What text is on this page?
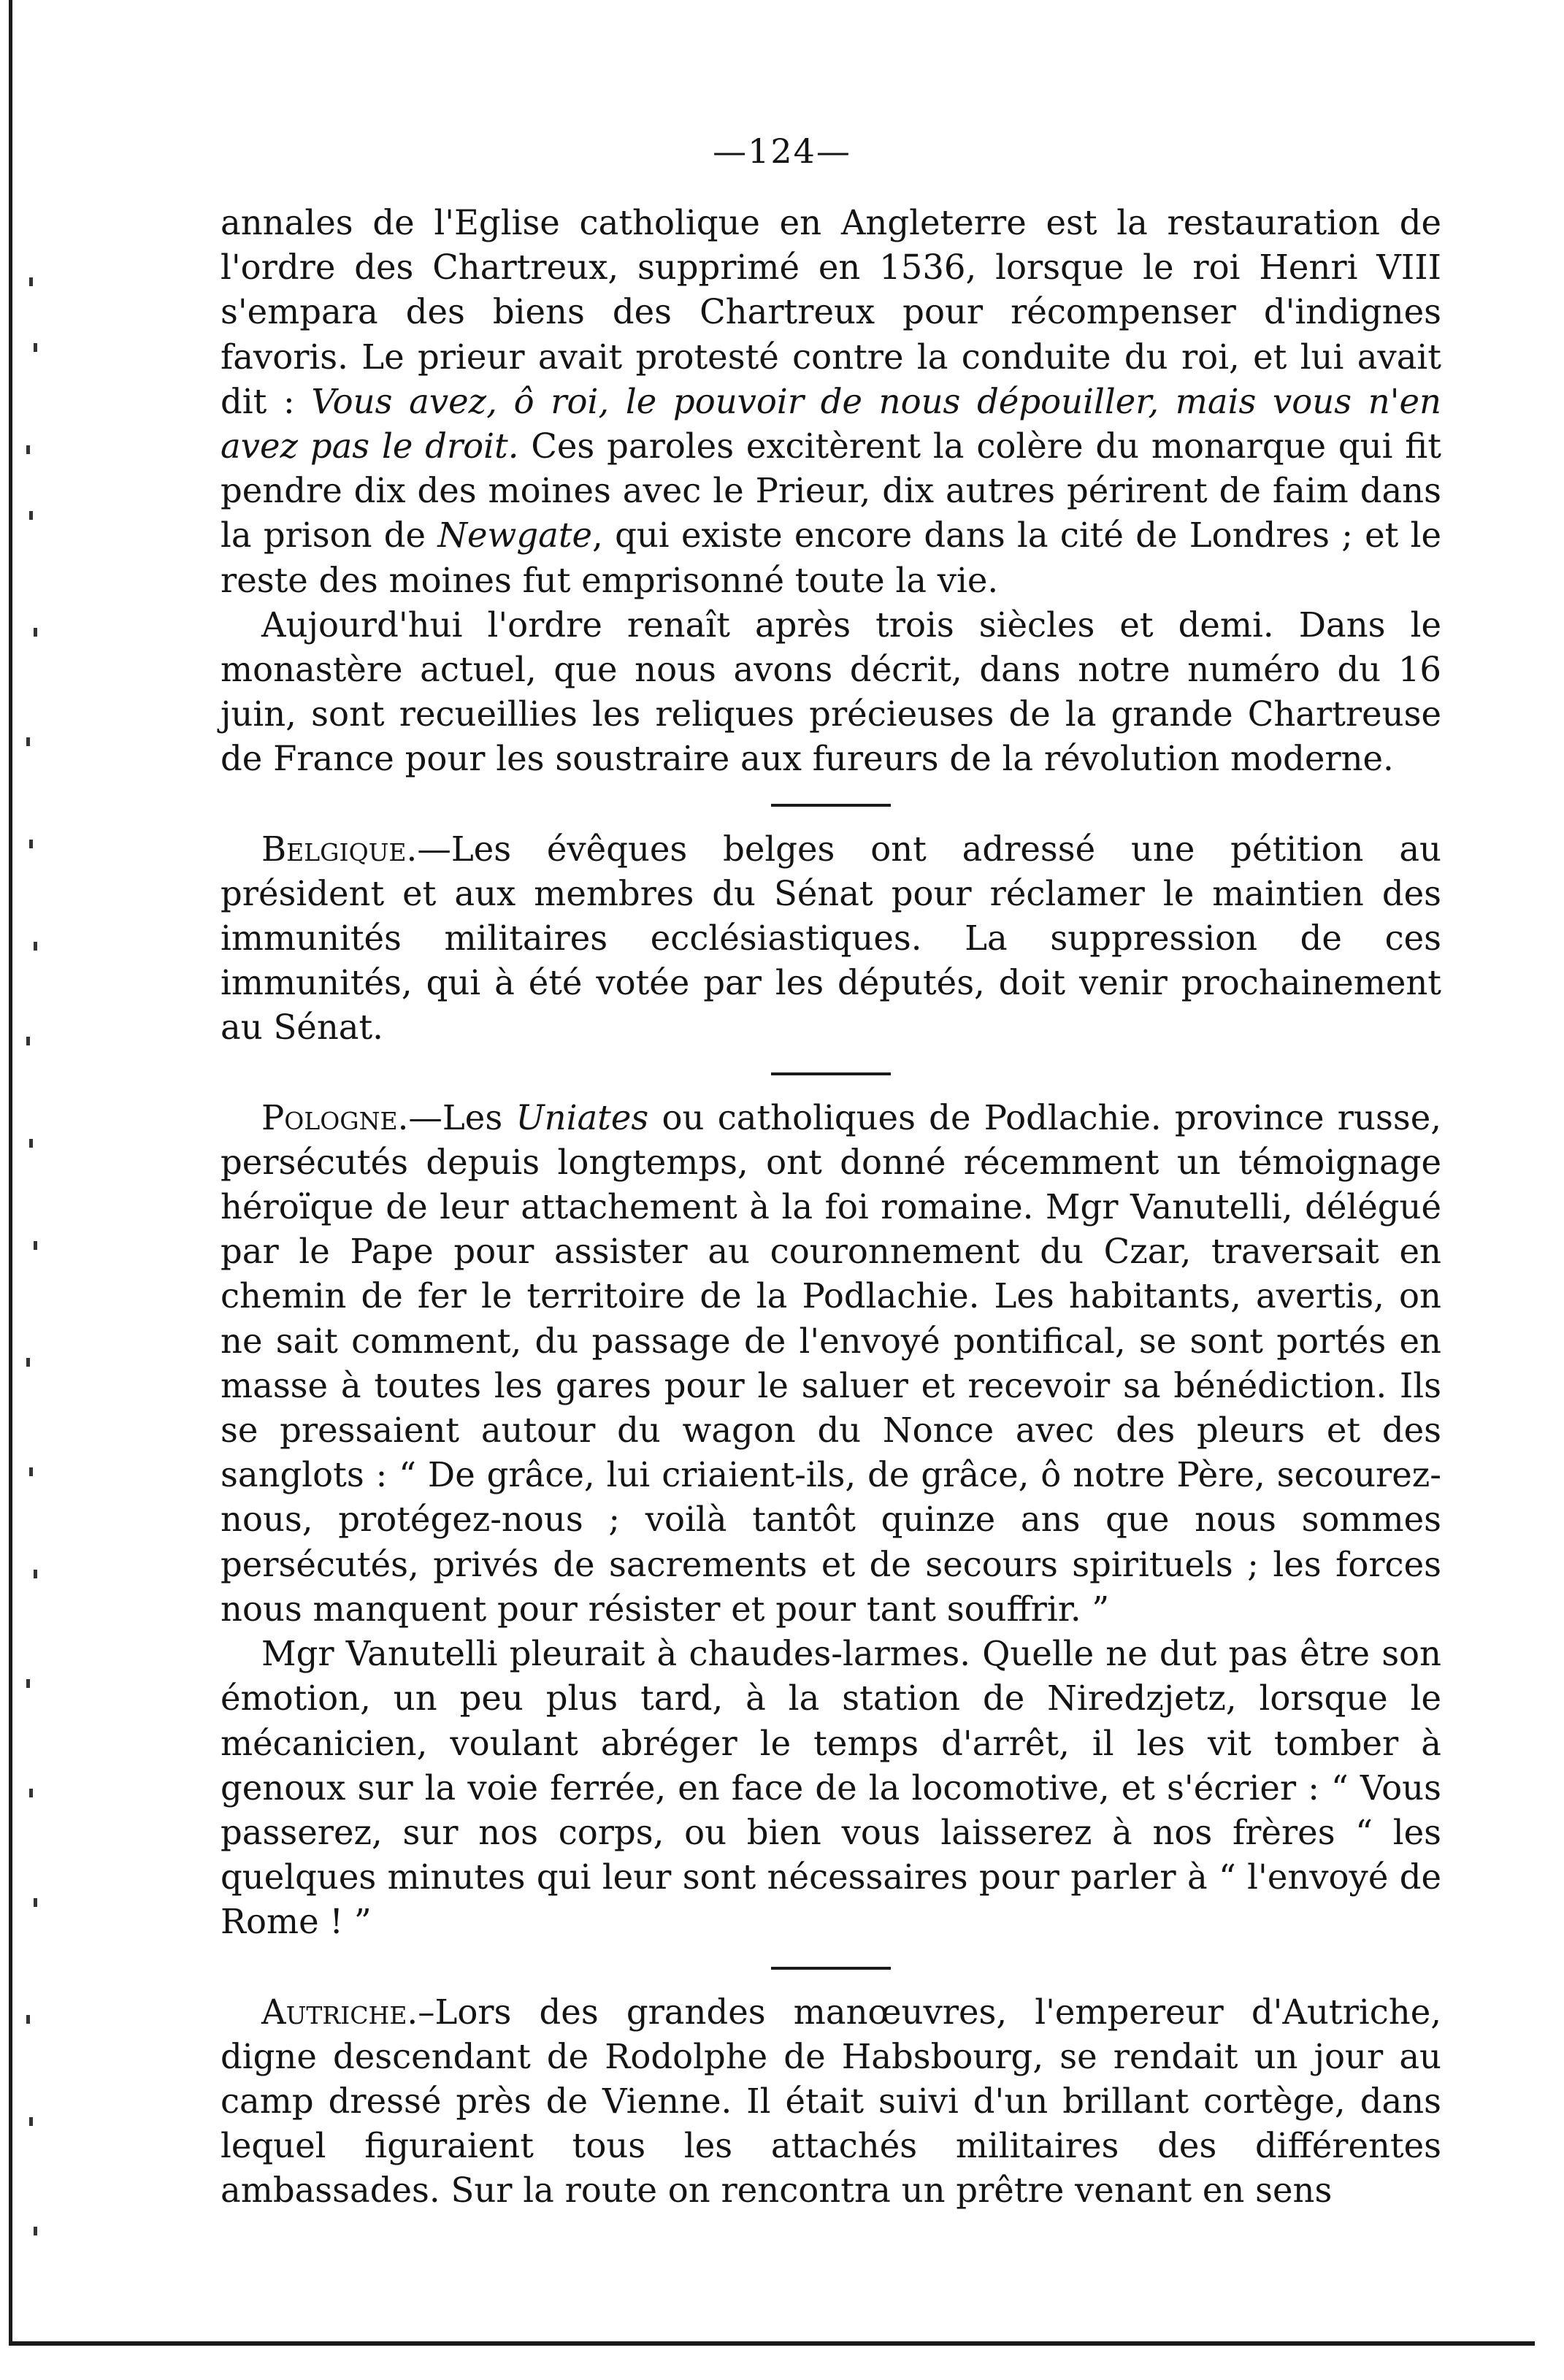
—124—

annales de l'Eglise catholique en Angleterre est la restauration de l'ordre des Chartreux, supprimé en 1536, lorsque le roi Henri VIII s'empara des biens des Chartreux pour récompenser d'indignes favoris. Le prieur avait protesté contre la conduite du roi, et lui avait dit : Vous avez, ô roi, le pouvoir de nous dépouiller, mais vous n'en avez pas le droit. Ces paroles excitèrent la colère du monarque qui fit pendre dix des moines avec le Prieur, dix autres périrent de faim dans la prison de Newgate, qui existe encore dans la cité de Londres ; et le reste des moines fut emprisonné toute la vie.

Aujourd'hui l'ordre renaît après trois siècles et demi. Dans le monastère actuel, que nous avons décrit, dans notre numéro du 16 juin, sont recueillies les reliques précieuses de la grande Chartreuse de France pour les soustraire aux fureurs de la révolution moderne.

Belgique.—Les évêques belges ont adressé une pétition au président et aux membres du Sénat pour réclamer le maintien des immunités militaires ecclésiastiques. La suppression de ces immunités, qui à été votée par les députés, doit venir prochainement au Sénat.

Pologne.—Les Uniates ou catholiques de Podlachie. province russe, persécutés depuis longtemps, ont donné récemment un témoignage héroïque de leur attachement à la foi romaine. Mgr Vanutelli, délégué par le Pape pour assister au couronnement du Czar, traversait en chemin de fer le territoire de la Podlachie. Les habitants, avertis, on ne sait comment, du passage de l'envoyé pontifical, se sont portés en masse à toutes les gares pour le saluer et recevoir sa bénédiction. Ils se pressaient autour du wagon du Nonce avec des pleurs et des sanglots : “ De grâce, lui criaient-ils, de grâce, ô notre Père, secourez-nous, protégez-nous ; voilà tantôt quinze ans que nous sommes persécutés, privés de sacrements et de secours spirituels ; les forces nous manquent pour résister et pour tant souffrir. ”

Mgr Vanutelli pleurait à chaudes-larmes. Quelle ne dut pas être son émotion, un peu plus tard, à la station de Niredzjetz, lorsque le mécanicien, voulant abréger le temps d'arrêt, il les vit tomber à genoux sur la voie ferrée, en face de la locomotive, et s'écrier : “ Vous passerez, sur nos corps, ou bien vous laisserez à nos frères “ les quelques minutes qui leur sont nécessaires pour parler à “ l'envoyé de Rome ! ”

Autriche.–Lors des grandes manœuvres, l'empereur d'Autriche, digne descendant de Rodolphe de Habsbourg, se rendait un jour au camp dressé près de Vienne. Il était suivi d'un brillant cortège, dans lequel figuraient tous les attachés militaires des différentes ambassades. Sur la route on rencontra un prêtre venant en sens
